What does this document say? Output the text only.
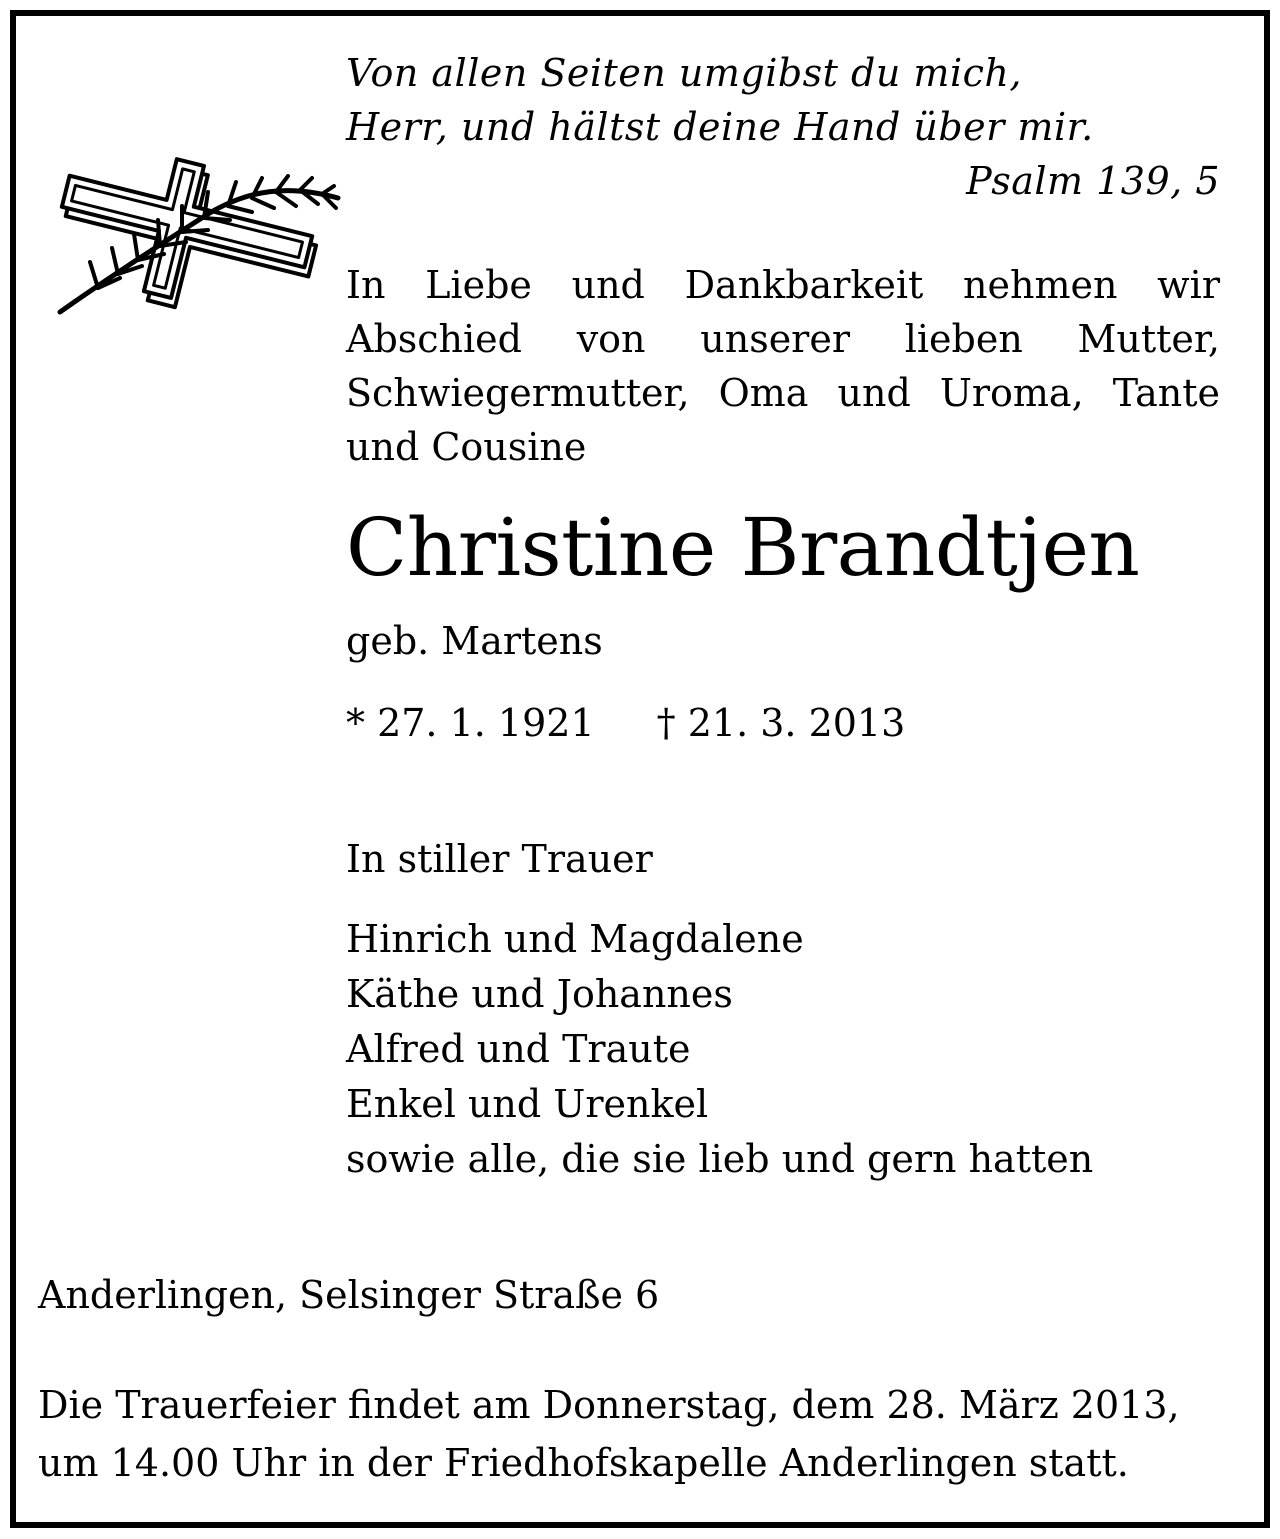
Von allen Seiten umgibst du mich,
Herr, und hältst deine Hand über mir.
Psalm 139, 5

In Liebe und Dankbarkeit nehmen wir Abschied von unserer lieben Mutter, Schwiegermutter, Oma und Uroma, Tante und Cousine

Christine Brandtjen

geb. Martens

* 27. 1. 1921 † 21. 3. 2013

In stiller Trauer

Hinrich und Magdalene
Käthe und Johannes
Alfred und Traute
Enkel und Urenkel
sowie alle, die sie lieb und gern hatten

Anderlingen, Selsinger Straße 6

Die Trauerfeier findet am Donnerstag, dem 28. März 2013,
um 14.00 Uhr in der Friedhofskapelle Anderlingen statt.
